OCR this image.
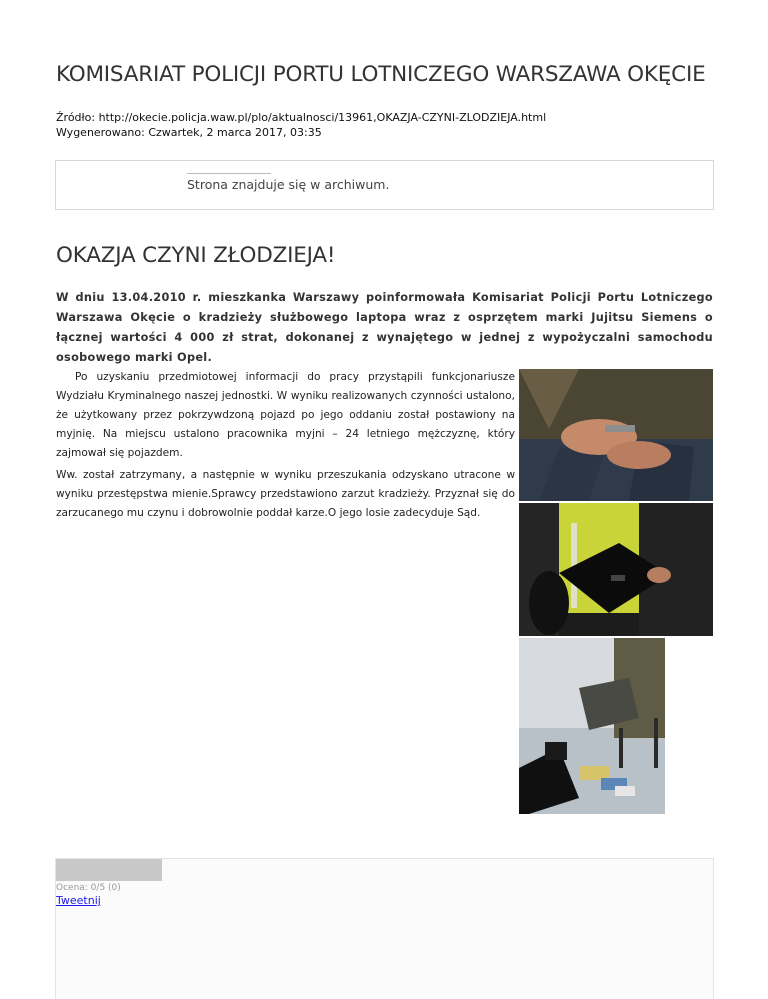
KOMISARIAT POLICJI PORTU LOTNICZEGO WARSZAWA OKĘCIE
Źródło: http://okecie.policja.waw.pl/plo/aktualnosci/13961,OKAZJA-CZYNI-ZLODZIEJA.html
Wygenerowano: Czwartek, 2 marca 2017, 03:35
Strona znajduje się w archiwum.
OKAZJA CZYNI ZŁODZIEJA!
W dniu 13.04.2010 r. mieszkanka Warszawy poinformowała Komisariat Policji Portu Lotniczego Warszawa Okęcie o kradzieży służbowego laptopa wraz z osprzętem marki Jujitsu Siemens o łącznej wartości 4 000 zł strat, dokonanej z wynajętego w jednej z wypożyczalni samochodu osobowego marki Opel.
Po uzyskaniu przedmiotowej informacji do pracy przystąpili funkcjonariusze Wydziału Kryminalnego naszej jednostki. W wyniku realizowanych czynności ustalono, że użytkowany przez pokrzywdzoną pojazd po jego oddaniu został postawiony na myjnię. Na miejscu ustalono pracownika myjni – 24 letniego mężczyznę, który zajmował się pojazdem.
Ww. został zatrzymany, a następnie w wyniku przeszukania odzyskano utracone w wyniku przestępstwa mienie.Sprawcy przedstawiono zarzut kradzieży. Przyznał się do zarzucanego mu czynu i dobrowolnie poddał karze.O jego losie zadecyduje Sąd.	POLICJ
Ocena: 0/5 (0)
Tweetnij
